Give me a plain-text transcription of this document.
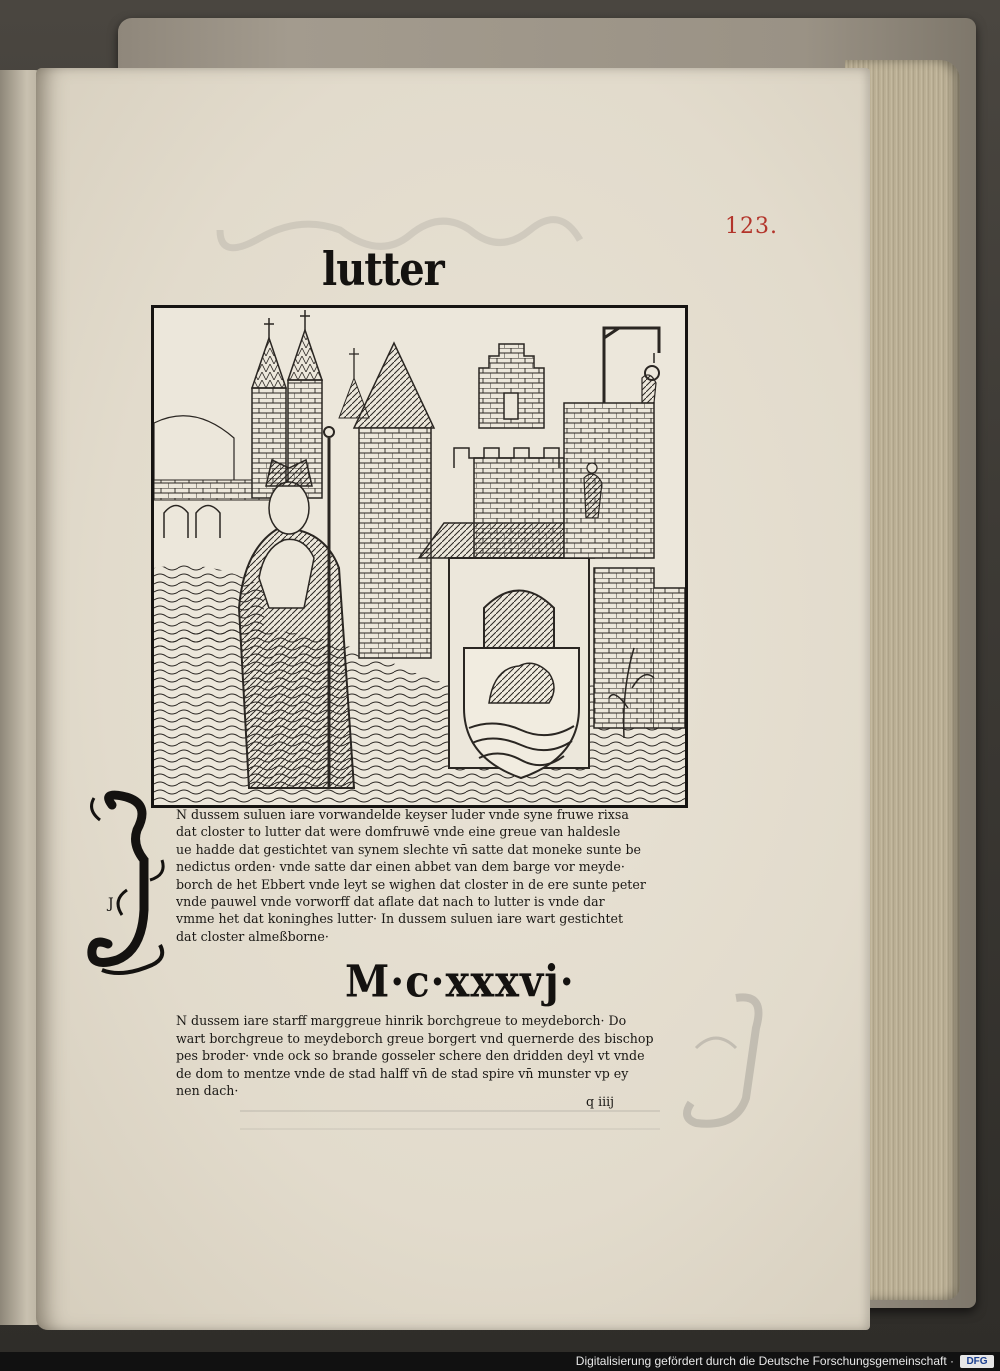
123.
lutter
J
N dussem suluen iare vorwandelde keyser luder vnde syne fruwe rixsa
dat closter to lutter dat were domfruwē vnde eine greue van haldesle
ue hadde dat gestichtet van synem slechte vn̄ satte dat moneke sunte be
nedictus orden· vnde satte dar einen abbet van dem barge vor meyde·
borch de het Ebbert vnde leyt se wighen dat closter in de ere sunte peter
vnde pauwel vnde vorworff dat aflate dat nach to lutter is vnde dar
vmme het dat koninghes lutter· In dussem suluen iare wart gestichtet
dat closter almeßborne·
M·c·xxxvj·
N dussem iare starff marggreue hinrik borchgreue to meydeborch· Do
wart borchgreue to meydeborch greue borgert vnd quernerde des bischop
pes broder· vnde ock so brande gosseler schere den dridden deyl vt vnde
de dom to mentze vnde de stad halff vn̄ de stad spire vn̄ munster vp ey
nen dach·
q iiij
Digitalisierung gefördert durch die Deutsche Forschungsgemeinschaft ·	DFG
